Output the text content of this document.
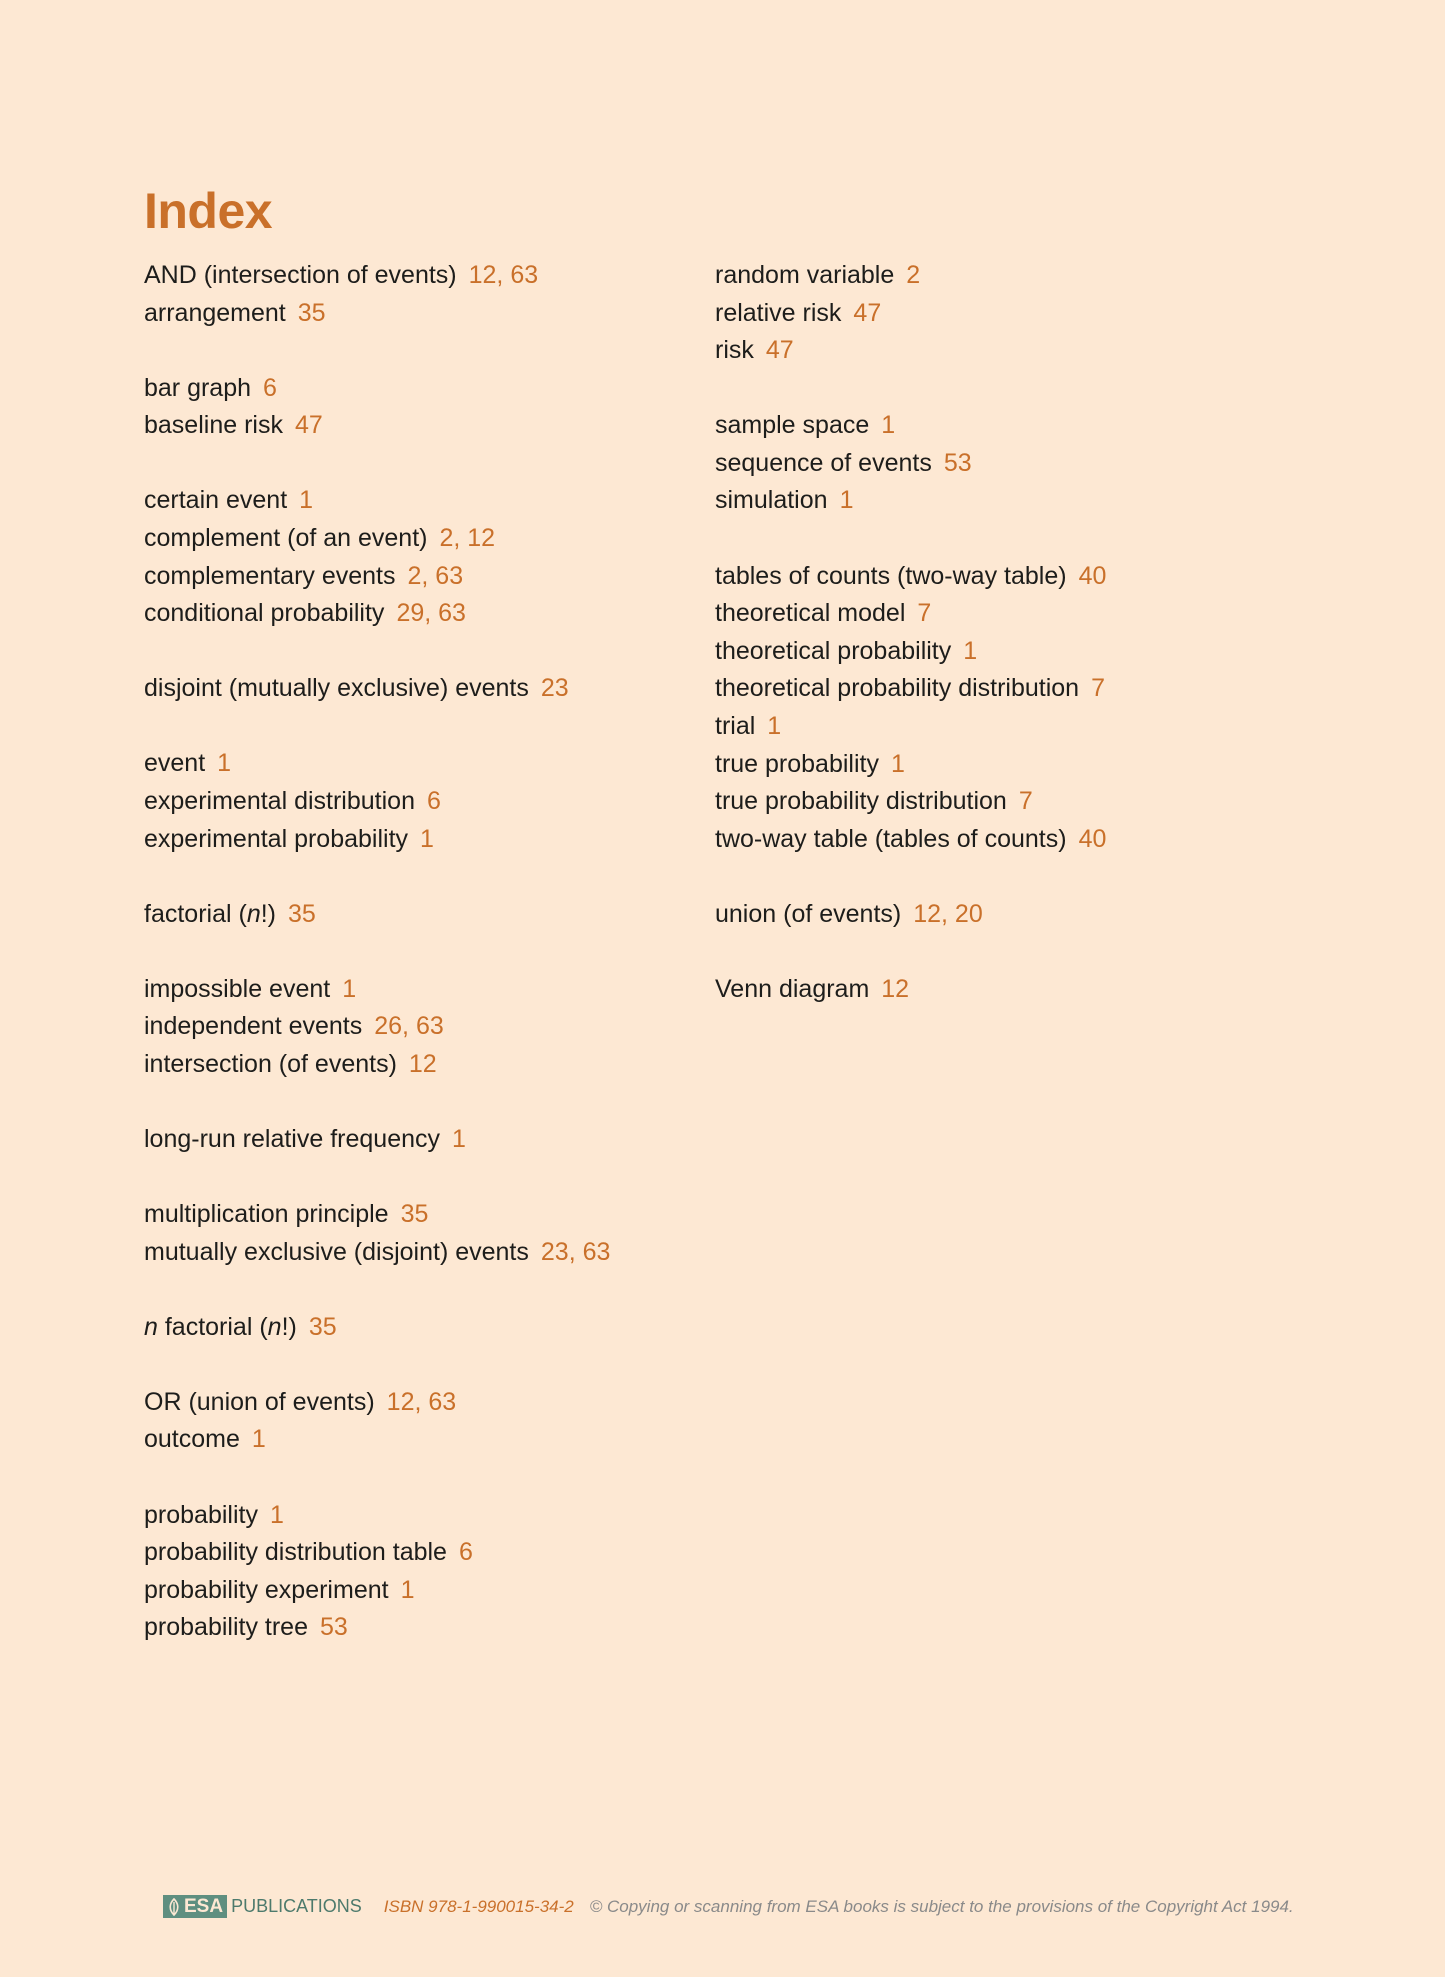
Index
AND (intersection of events) 12, 63
arrangement 35
bar graph 6
baseline risk 47
certain event 1
complement (of an event) 2, 12
complementary events 2, 63
conditional probability 29, 63
disjoint (mutually exclusive) events 23
event 1
experimental distribution 6
experimental probability 1
factorial (n!) 35
impossible event 1
independent events 26, 63
intersection (of events) 12
long-run relative frequency 1
multiplication principle 35
mutually exclusive (disjoint) events 23, 63
n factorial (n!) 35
OR (union of events) 12, 63
outcome 1
probability 1
probability distribution table 6
probability experiment 1
probability tree 53
random variable 2
relative risk 47
risk 47
sample space 1
sequence of events 53
simulation 1
tables of counts (two-way table) 40
theoretical model 7
theoretical probability 1
theoretical probability distribution 7
trial 1
true probability 1
true probability distribution 7
two-way table (tables of counts) 40
union (of events) 12, 20
Venn diagram 12
ESA PUBLICATIONS ISBN 978-1-990015-34-2 © Copying or scanning from ESA books is subject to the provisions of the Copyright Act 1994.
